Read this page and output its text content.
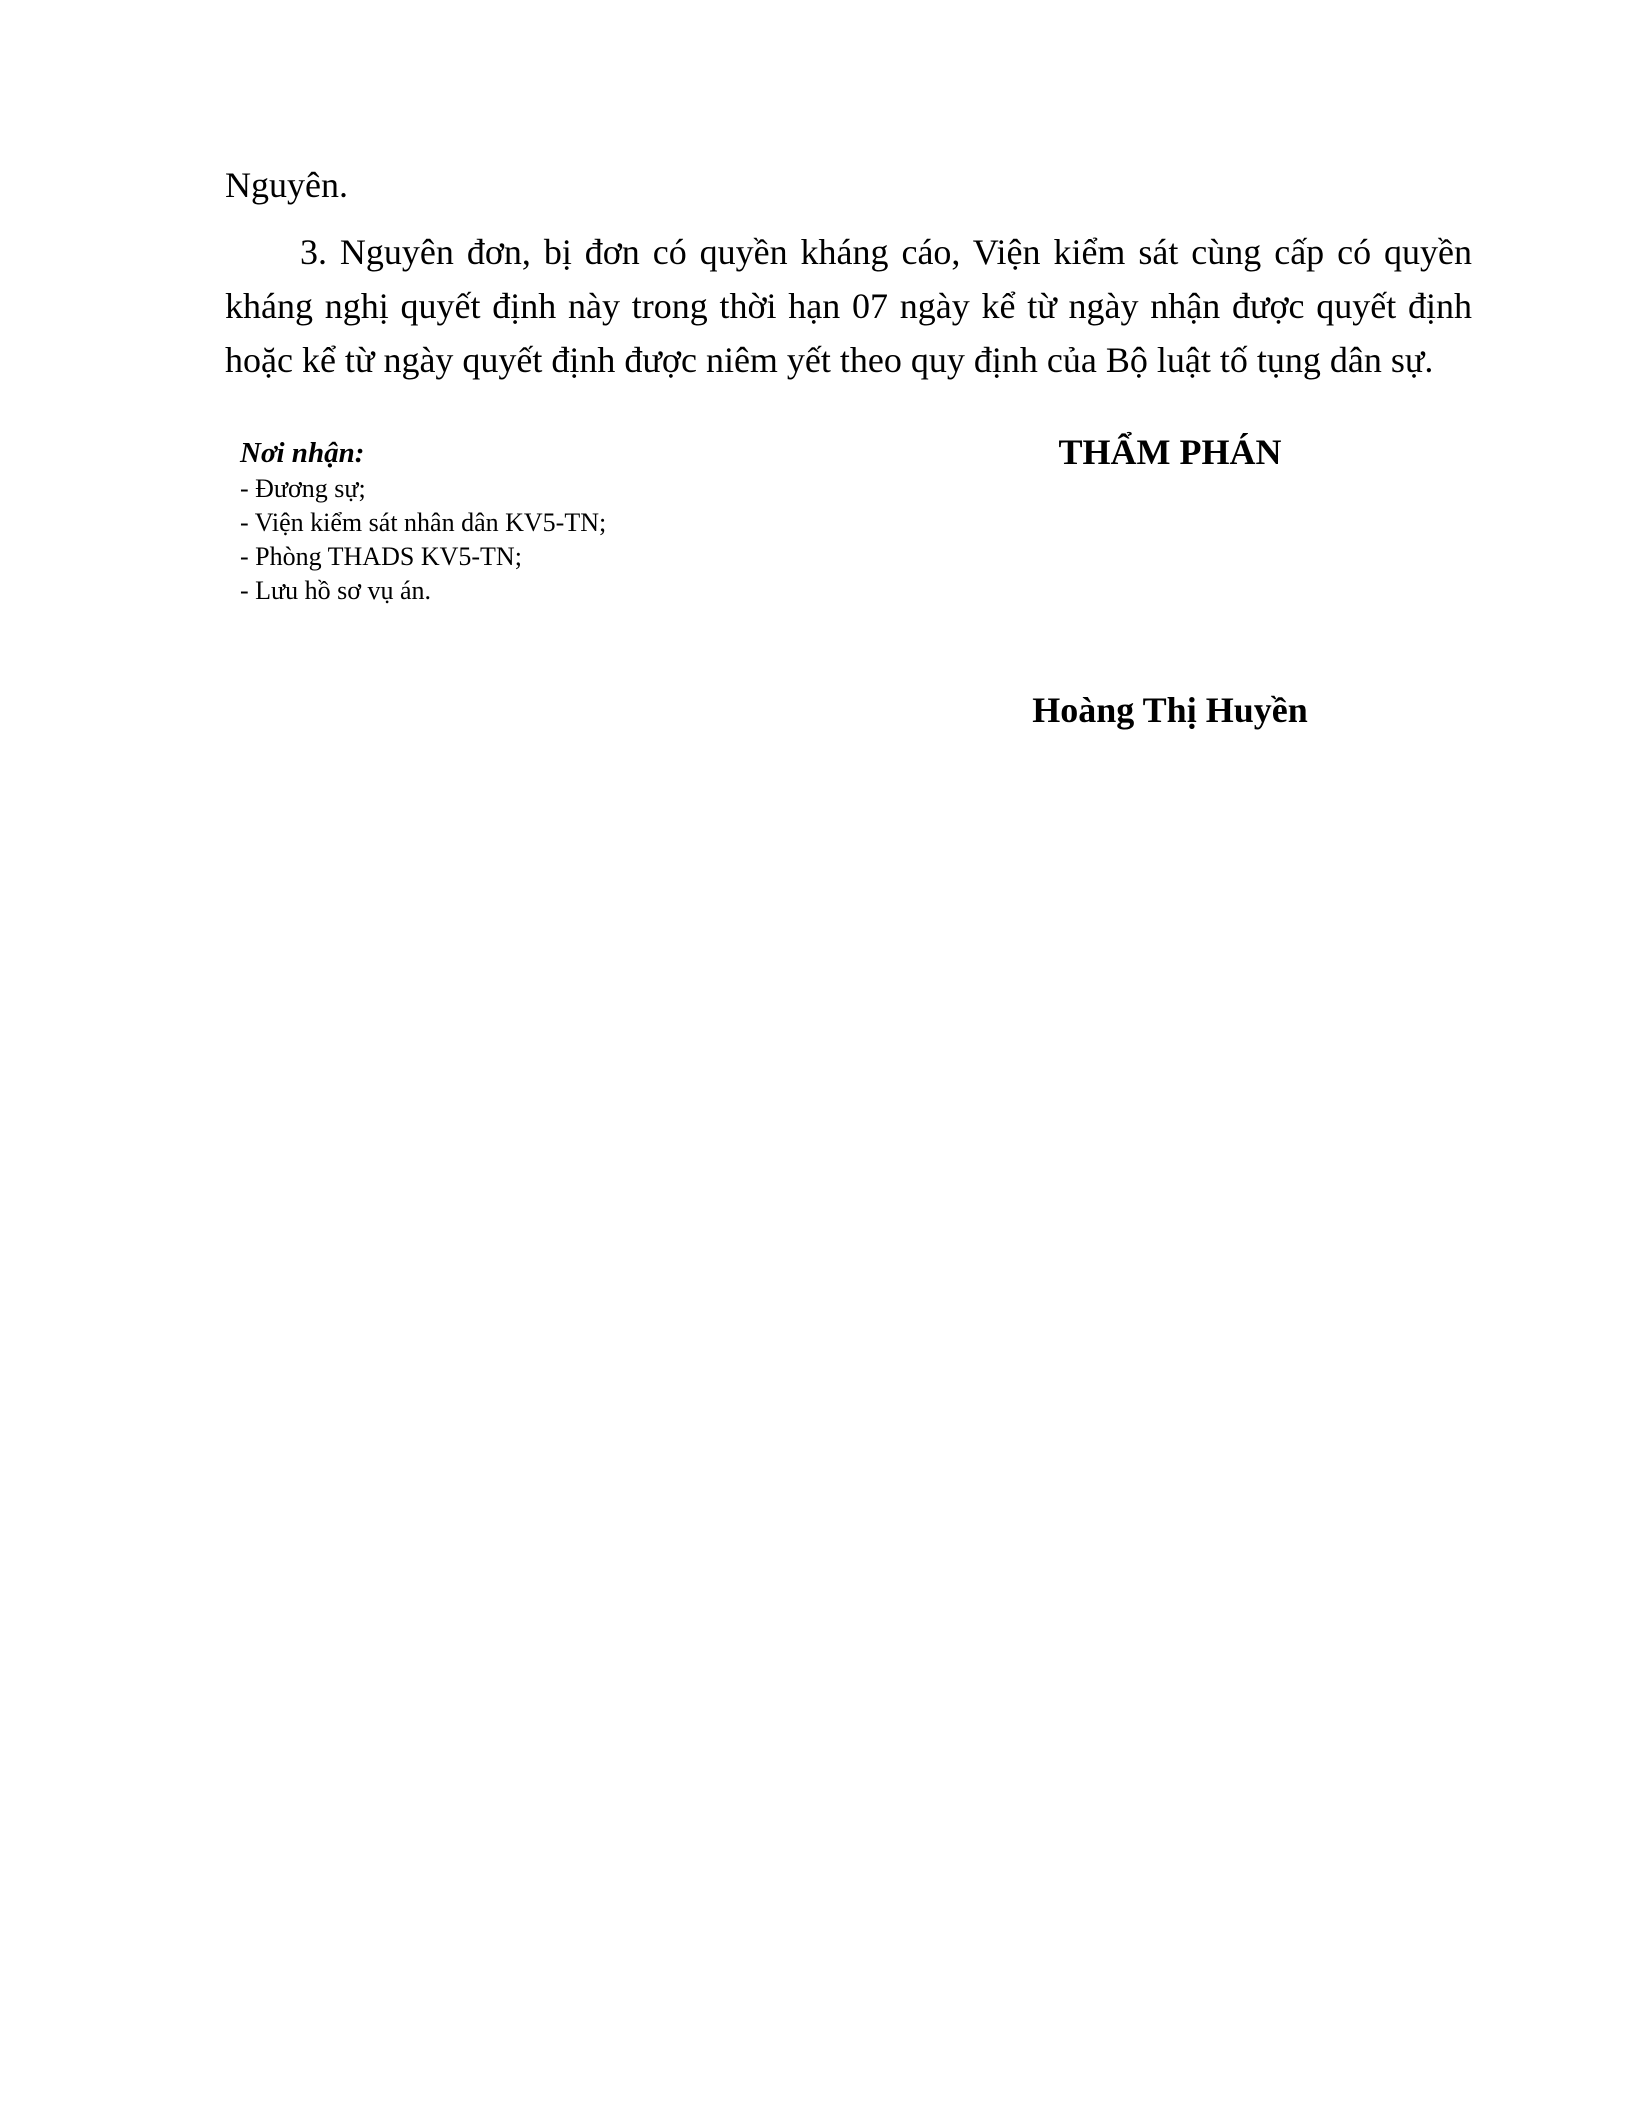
Nguyên.

3. Nguyên đơn, bị đơn có quyền kháng cáo, Viện kiểm sát cùng cấp có quyền kháng nghị quyết định này trong thời hạn 07 ngày kể từ ngày nhận được quyết định hoặc kể từ ngày quyết định được niêm yết theo quy định của Bộ luật tố tụng dân sự.

Nơi nhận:

- Đương sự;
- Viện kiểm sát nhân dân KV5-TN;
- Phòng THADS KV5-TN;
- Lưu hồ sơ vụ án.

THẨM PHÁN

Hoàng Thị Huyền
